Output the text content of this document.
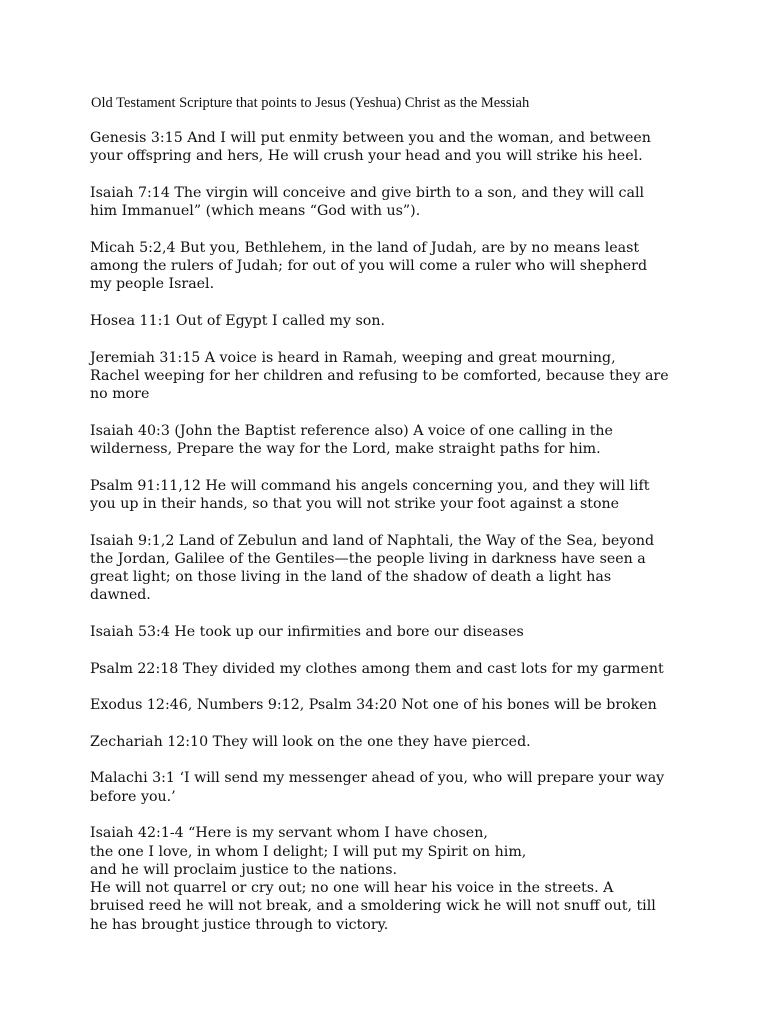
Old Testament Scripture that points to Jesus (Yeshua) Christ as the Messiah

Genesis 3:15 And I will put enmity between you and the woman, and between
your offspring and hers, He will crush your head and you will strike his heel.

Isaiah 7:14 The virgin will conceive and give birth to a son, and they will call
him Immanuel” (which means “God with us”).

Micah 5:2,4 But you, Bethlehem, in the land of Judah, are by no means least
among the rulers of Judah; for out of you will come a ruler who will shepherd
my people Israel.

Hosea 11:1 Out of Egypt I called my son.

Jeremiah 31:15 A voice is heard in Ramah, weeping and great mourning,
Rachel weeping for her children and refusing to be comforted, because they are
no more

Isaiah 40:3 (John the Baptist reference also) A voice of one calling in the
wilderness, Prepare the way for the Lord, make straight paths for him.

Psalm 91:11,12 He will command his angels concerning you, and they will lift
you up in their hands, so that you will not strike your foot against a stone

Isaiah 9:1,2 Land of Zebulun and land of Naphtali, the Way of the Sea, beyond
the Jordan, Galilee of the Gentiles—the people living in darkness have seen a
great light; on those living in the land of the shadow of death a light has
dawned.

Isaiah 53:4 He took up our infirmities and bore our diseases

Psalm 22:18 They divided my clothes among them and cast lots for my garment

Exodus 12:46, Numbers 9:12, Psalm 34:20 Not one of his bones will be broken

Zechariah 12:10 They will look on the one they have pierced.

Malachi 3:1 ‘I will send my messenger ahead of you, who will prepare your way
before you.’

Isaiah 42:1-4 “Here is my servant whom I have chosen,
the one I love, in whom I delight; I will put my Spirit on him,
and he will proclaim justice to the nations.
He will not quarrel or cry out; no one will hear his voice in the streets. A
bruised reed he will not break, and a smoldering wick he will not snuff out, till
he has brought justice through to victory.
